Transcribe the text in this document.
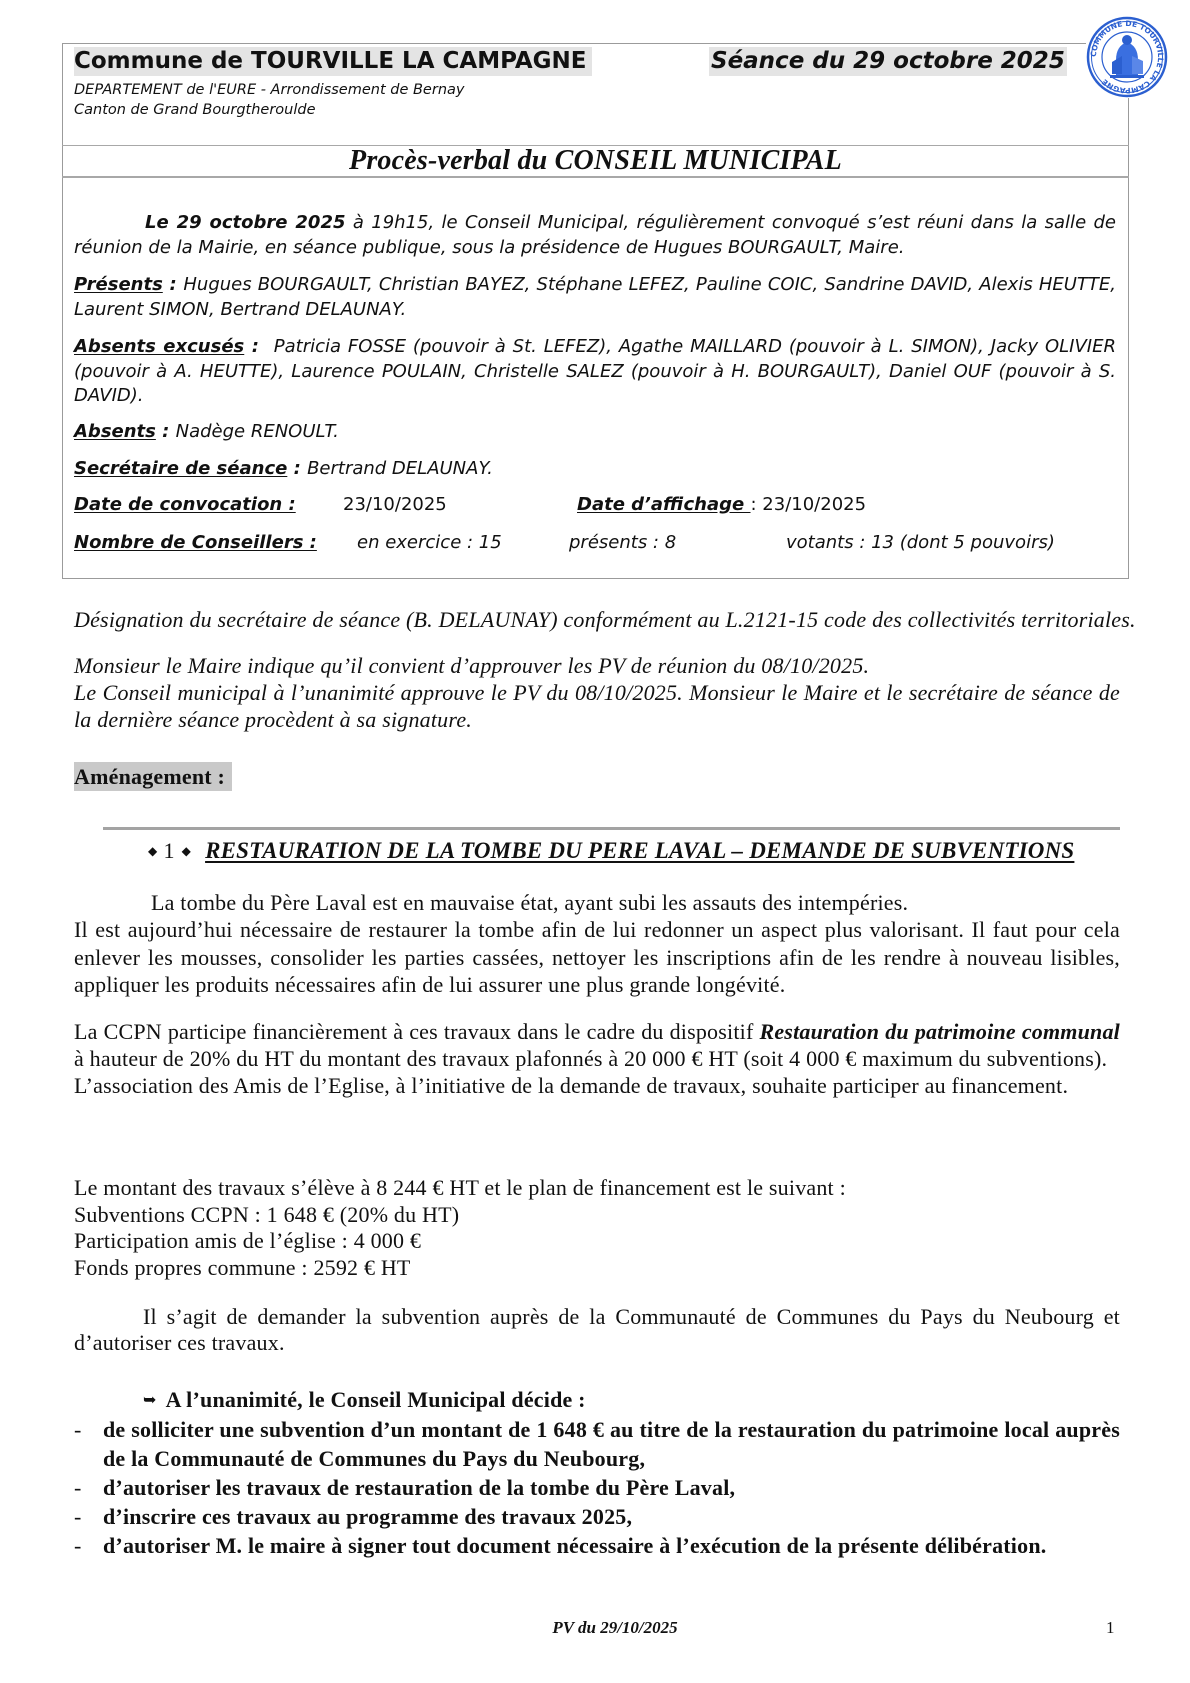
Commune de TOURVILLE LA CAMPAGNE	Séance du 29 octobre 2025
DEPARTEMENT de l'EURE - Arrondissement de Bernay
Canton de Grand Bourgtheroulde
COMMUNE DE TOURVILLE LA CAMPAGNE
Procès-verbal du CONSEIL MUNICIPAL

Le 29 octobre 2025 à 19h15, le Conseil Municipal, régulièrement convoqué s’est réuni dans la salle de réunion de la Mairie, en séance publique, sous la présidence de Hugues BOURGAULT, Maire.

Présents : Hugues BOURGAULT, Christian BAYEZ, Stéphane LEFEZ, Pauline COIC, Sandrine DAVID, Alexis HEUTTE, Laurent SIMON, Bertrand DELAUNAY.

Absents excusés :  Patricia FOSSE (pouvoir à St. LEFEZ), Agathe MAILLARD (pouvoir à L. SIMON), Jacky OLIVIER (pouvoir à A. HEUTTE), Laurence POULAIN, Christelle SALEZ (pouvoir à H. BOURGAULT), Daniel OUF (pouvoir à S. DAVID).

Absents : Nadège RENOULT.

Secrétaire de séance : Bertrand DELAUNAY.

Date de convocation :	23/10/2025	Date d’affichage : 23/10/2025
Nombre de Conseillers : en exercice : 15	présents : 8	votants : 13 (dont 5 pouvoirs)

Désignation du secrétaire de séance (B. DELAUNAY) conformément au L.2121-15 code des collectivités territoriales.

Monsieur le Maire indique qu’il convient d’approuver les PV de réunion du 08/10/2025.
Le Conseil municipal à l’unanimité approuve le PV du 08/10/2025. Monsieur le Maire et le secrétaire de séance de la dernière séance procèdent à sa signature.

Aménagement :
◆ 1 ◆ RESTAURATION DE LA TOMBE DU PERE LAVAL – DEMANDE DE SUBVENTIONS

La tombe du Père Laval est en mauvaise état, ayant subi les assauts des intempéries.
Il est aujourd’hui nécessaire de restaurer la tombe afin de lui redonner un aspect plus valorisant. Il faut pour cela enlever les mousses, consolider les parties cassées, nettoyer les inscriptions afin de les rendre à nouveau lisibles, appliquer les produits nécessaires afin de lui assurer une plus grande longévité.

La CCPN participe financièrement à ces travaux dans le cadre du dispositif Restauration du patrimoine communal à hauteur de 20% du HT du montant des travaux plafonnés à 20 000 € HT (soit 4 000 € maximum du subventions).
L’association des Amis de l’Eglise, à l’initiative de la demande de travaux, souhaite participer au financement.

Le montant des travaux s’élève à 8 244 € HT et le plan de financement est le suivant :
Subventions CCPN : 1 648 € (20% du HT)
Participation amis de l’église : 4 000 €
Fonds propres commune : 2592 € HT

Il s’agit de demander la subvention auprès de la Communauté de Communes du Pays du Neubourg et d’autoriser ces travaux.

➥ A l’unanimité, le Conseil Municipal décide :
- de solliciter une subvention d’un montant de 1 648 € au titre de la restauration du patrimoine local auprès de la Communauté de Communes du Pays du Neubourg,
- d’autoriser les travaux de restauration de la tombe du Père Laval,
- d’inscrire ces travaux au programme des travaux 2025,
- d’autoriser M. le maire à signer tout document nécessaire à l’exécution de la présente délibération.
PV du 29/10/2025	1
